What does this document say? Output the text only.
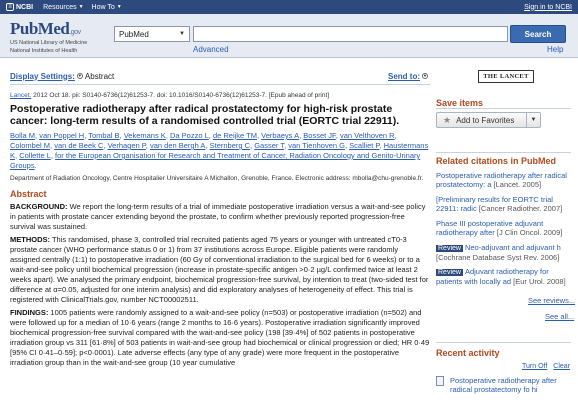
≡ NCBI Resources ▼ How To ▼	Sign in to NCBI
PubMed.gov
US National Library of Medicine
National Institutes of Health
PubMed	▼	Search
Advanced	Help
Display Settings: ▼ Abstract	Send to: ▼	THE LANCET
Lancet. 2012 Oct 18. pii: S0140-6736(12)61253-7. doi: 10.1016/S0140-6736(12)61253-7. [Epub ahead of print]
Postoperative radiotherapy after radical prostatectomy for high-risk prostate cancer: long-term results of a randomised controlled trial (EORTC trial 22911).
Bolla M, van Poppel H, Tombal B, Vekemans K, Da Pozzo L, de Reijke TM, Verbaeys A, Bosset JF, van Velthoven R, Colombel M, van de Beek C, Verhagen P, van den Bergh A, Sternberg C, Gasser T, van Tienhoven G, Scalliet P, Haustermans K, Collette L, for the European Organisation for Research and Treatment of Cancer, Radiation Oncology and Genito-Urinary Groups.
Department of Radiation Oncology, Centre Hospitalier Universitaire A Michallon, Grenoble, France. Electronic address: mbolla@chu-grenoble.fr.
Abstract
BACKGROUND: We report the long-term results of a trial of immediate postoperative irradiation versus a wait-and-see policy in patients with prostate cancer extending beyond the prostate, to confirm whether previously reported progression-free survival was sustained.
METHODS: This randomised, phase 3, controlled trial recruited patients aged 75 years or younger with untreated cT0-3 prostate cancer (WHO performance status 0 or 1) from 37 institutions across Europe. Eligible patients were randomly assigned centrally (1:1) to postoperative irradiation (60 Gy of conventional irradiation to the surgical bed for 6 weeks) or to a wait-and-see policy until biochemical progression (increase in prostate-specific antigen >0·2 µg/L confirmed twice at least 2 weeks apart). We analysed the primary endpoint, biochemical progression-free survival, by intention to treat (two-sided test for difference at α=0.05, adjusted for one interim analysis) and did exploratory analyses of heterogeneity of effect. This trial is registered with ClinicalTrials.gov, number NCT00002511.
FINDINGS: 1005 patients were randomly assigned to a wait-and-see policy (n=503) or postoperative irradiation (n=502) and were followed up for a median of 10·6 years (range 2 months to 16·6 years). Postoperative irradiation significantly improved biochemical progression-free survival compared with the wait-and-see policy (198 [39·4%] of 502 patients in postoperative irradiation group vs 311 [61·8%] of 503 patients in wait-and-see group had biochemical or clinical progression or died; HR 0·49 [95% CI 0·41–0·59]; p<0·0001). Late adverse effects (any type of any grade) were more frequent in the postoperative irradiation group than in the wait-and-see group (10 year cumulative
Save items
★ Add to Favorites	▼
Related citations in PubMed
Postoperative radiotherapy after radical prostatectomy: a [Lancet. 2005]
[Preliminary results for EORTC trial 22911: radic [Cancer Radiother. 2007]
Phase III postoperative adjuvant radiotherapy after [J Clin Oncol. 2009]
Review Neo-adjuvant and adjuvant h [Cochrane Database Syst Rev. 2006]
Review Adjuvant radiotherapy for patients with locally ad [Eur Urol. 2008]
See reviews...
See all...
Recent activity
Turn Off Clear
Postoperative radiotherapy after radical prostatectomy fo hi
